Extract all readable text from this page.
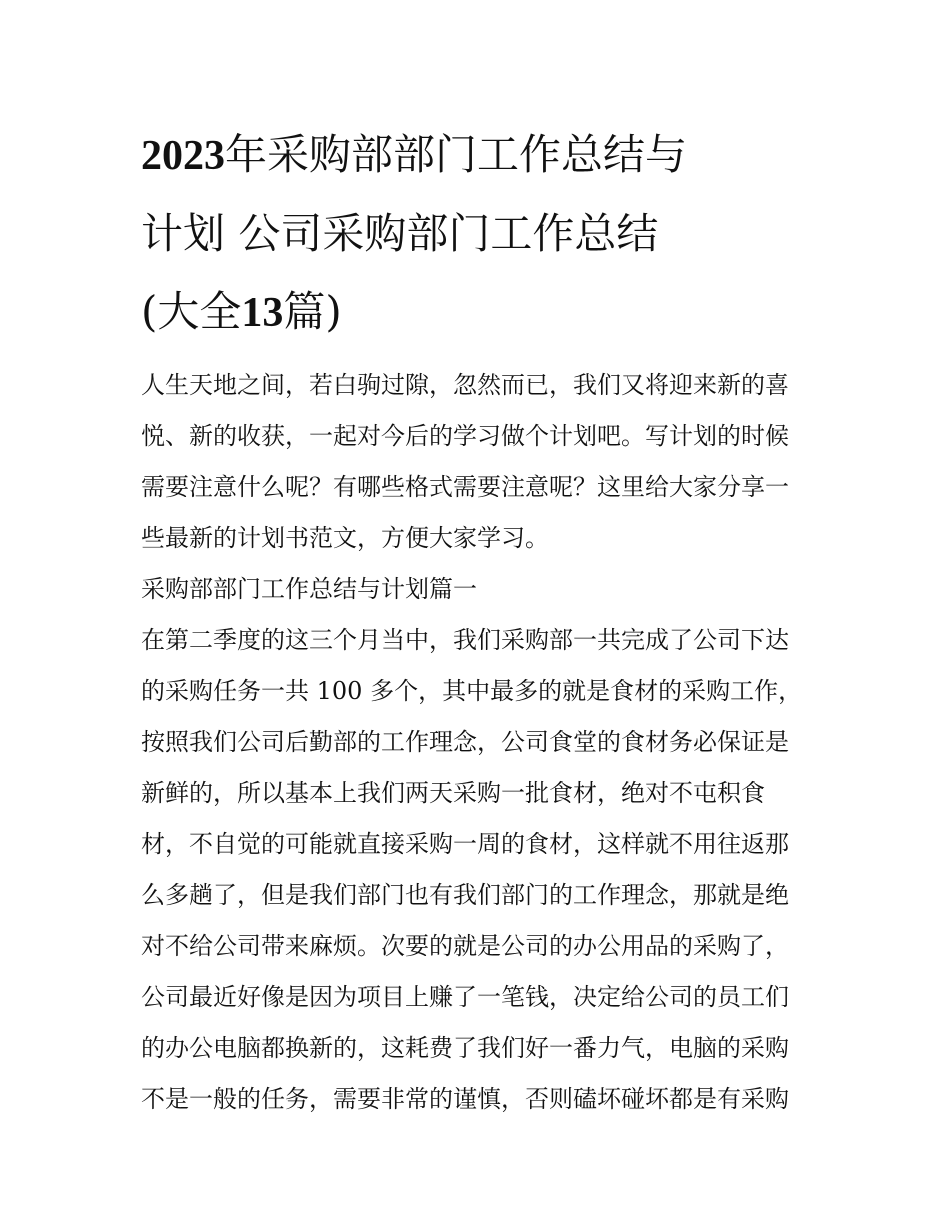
2023年采购部部门工作总结与
计划 公司采购部门工作总结
(大全13篇)

人生天地之间，若白驹过隙，忽然而已，我们又将迎来新的喜
悦、新的收获，一起对今后的学习做个计划吧。写计划的时候
需要注意什么呢？有哪些格式需要注意呢？这里给大家分享一
些最新的计划书范文，方便大家学习。

采购部部门工作总结与计划篇一

在第二季度的这三个月当中，我们采购部一共完成了公司下达
的采购任务一共 100 多个，其中最多的就是食材的采购工作，
按照我们公司后勤部的工作理念，公司食堂的食材务必保证是
新鲜的，所以基本上我们两天采购一批食材，绝对不屯积食
材，不自觉的可能就直接采购一周的食材，这样就不用往返那
么多趟了，但是我们部门也有我们部门的工作理念，那就是绝
对不给公司带来麻烦。次要的就是公司的办公用品的采购了，
公司最近好像是因为项目上赚了一笔钱，决定给公司的员工们
的办公电脑都换新的，这耗费了我们好一番力气，电脑的采购
不是一般的任务，需要非常的谨慎，否则磕坏碰坏都是有采购
